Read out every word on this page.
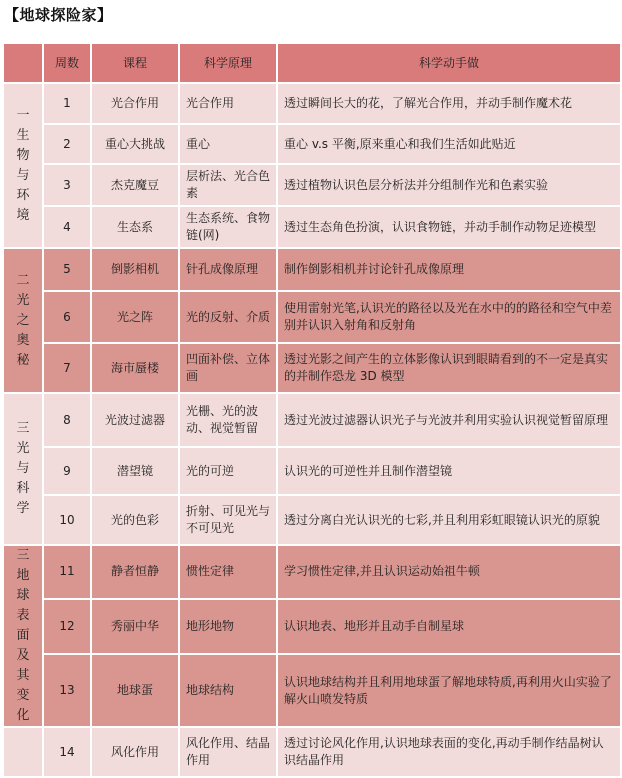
【地球探险家】
	周数	课程	科学原理	科学动手做
一生物与环境	1	光合作用	光合作用	透过瞬间长大的花，了解光合作用，并动手制作魔术花
	2	重心大挑战	重心	重心 v.s 平衡,原来重心和我们生活如此贴近
	3	杰克魔豆	层析法、光合色素	透过植物认识色层分析法并分组制作光和色素实验
	4	生态系	生态系统、食物链(网)	透过生态角色扮演，认识食物链，并动手制作动物足迹模型
二光之奥秘	5	倒影相机	针孔成像原理	制作倒影相机并讨论针孔成像原理
	6	光之阵	光的反射、介质	使用雷射光笔,认识光的路径以及光在水中的的路径和空气中差别并认识入射角和反射角
	7	海市蜃楼	凹面补偿、立体画	透过光影之间产生的立体影像认识到眼睛看到的不一定是真实的并制作恐龙 3D 模型
三光与科学	8	光波过滤器	光栅、光的波动、视觉暂留	透过光波过滤器认识光子与光波并利用实验认识视觉暂留原理
	9	潜望镜	光的可逆	认识光的可逆性并且制作潜望镜
	10	光的色彩	折射、可见光与不可见光	透过分离白光认识光的七彩,并且利用彩虹眼镜认识光的原貌
三地球表面及其变化	11	静者恒静	惯性定律	学习惯性定律,并且认识运动始祖牛顿
	12	秀丽中华	地形地物	认识地表、地形并且动手自制星球
	13	地球蛋	地球结构	认识地球结构并且利用地球蛋了解地球特质,再利用火山实验了解火山喷发特质
	14	风化作用	风化作用、结晶作用	透过讨论风化作用,认识地球表面的变化,再动手制作结晶树认识结晶作用
